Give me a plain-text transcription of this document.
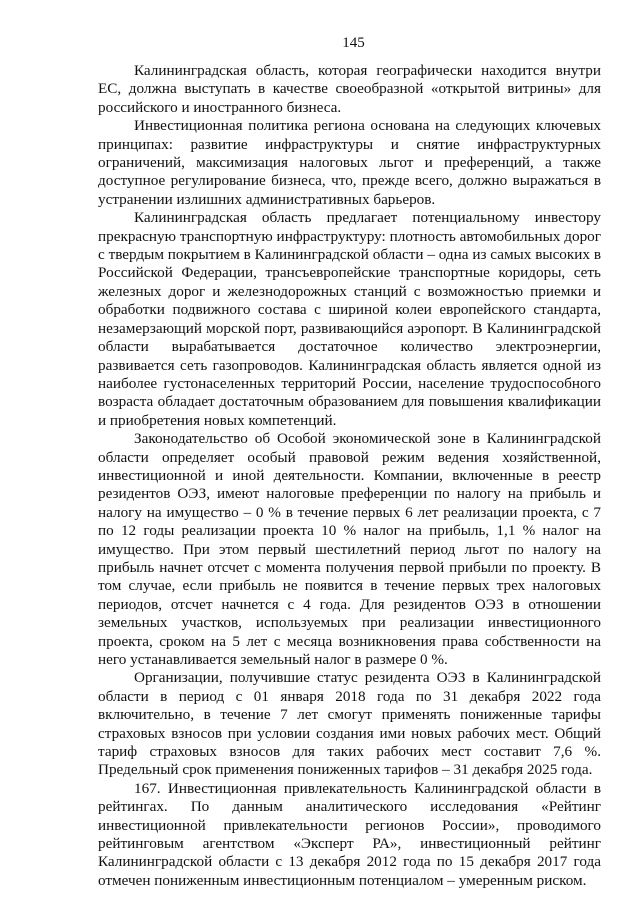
145

Калининградская область, которая географически находится внутри ЕС, должна выступать в качестве своеобразной «открытой витрины» для российского и иностранного бизнеса.

Инвестиционная политика региона основана на следующих ключевых принципах: развитие инфраструктуры и снятие инфраструктурных ограничений, максимизация налоговых льгот и преференций, а также доступное регулирование бизнеса, что, прежде всего, должно выражаться в устранении излишних административных барьеров.

Калининградская область предлагает потенциальному инвестору прекрасную транспортную инфраструктуру: плотность автомобильных дорог с твердым покрытием в Калининградской области – одна из самых высоких в Российской Федерации, трансъевропейские транспортные коридоры, сеть железных дорог и железнодорожных станций с возможностью приемки и обработки подвижного состава с шириной колеи европейского стандарта, незамерзающий морской порт, развивающийся аэропорт. В Калининградской области вырабатывается достаточное количество электроэнергии, развивается сеть газопроводов. Калининградская область является одной из наиболее густонаселенных территорий России, население трудоспособного возраста обладает достаточным образованием для повышения квалификации и приобретения новых компетенций.

Законодательство об Особой экономической зоне в Калининградской области определяет особый правовой режим ведения хозяйственной, инвестиционной и иной деятельности. Компании, включенные в реестр резидентов ОЭЗ, имеют налоговые преференции по налогу на прибыль и налогу на имущество – 0 % в течение первых 6 лет реализации проекта, с 7 по 12 годы реализации проекта 10 % налог на прибыль, 1,1 % налог на имущество. При этом первый шестилетний период льгот по налогу на прибыль начнет отсчет с момента получения первой прибыли по проекту. В том случае, если прибыль не появится в течение первых трех налоговых периодов, отсчет начнется с 4 года. Для резидентов ОЭЗ в отношении земельных участков, используемых при реализации инвестиционного проекта, сроком на 5 лет с месяца возникновения права собственности на него устанавливается земельный налог в размере 0 %.

Организации, получившие статус резидента ОЭЗ в Калининградской области в период с 01 января 2018 года по 31 декабря 2022 года включительно, в течение 7 лет смогут применять пониженные тарифы страховых взносов при условии создания ими новых рабочих мест. Общий тариф страховых взносов для таких рабочих мест составит 7,6 %. Предельный срок применения пониженных тарифов – 31 декабря 2025 года.

167. Инвестиционная привлекательность Калининградской области в рейтингах. По данным аналитического исследования «Рейтинг инвестиционной привлекательности регионов России», проводимого рейтинговым агентством «Эксперт РА», инвестиционный рейтинг Калининградской области с 13 декабря 2012 года по 15 декабря 2017 года отмечен пониженным инвестиционным потенциалом – умеренным риском.
